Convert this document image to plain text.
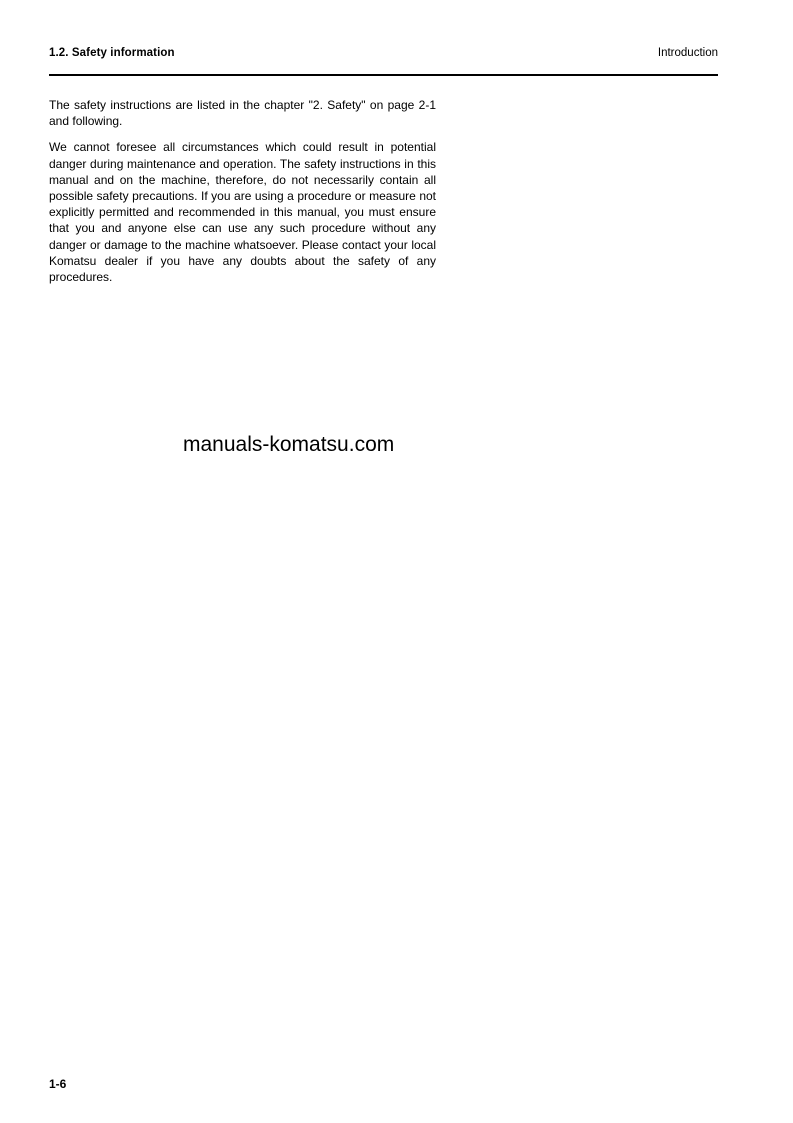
1.2. Safety information	Introduction

The safety instructions are listed in the chapter "2. Safety" on page 2-1 and following.

We cannot foresee all circumstances which could result in potential danger during maintenance and operation. The safety instructions in this manual and on the machine, therefore, do not necessarily contain all possible safety precautions. If you are using a procedure or measure not explicitly permitted and recommended in this manual, you must ensure that you and anyone else can use any such procedure without any danger or damage to the machine whatsoever. Please contact your local Komatsu dealer if you have any doubts about the safety of any procedures.

manuals-komatsu.com
1-6
